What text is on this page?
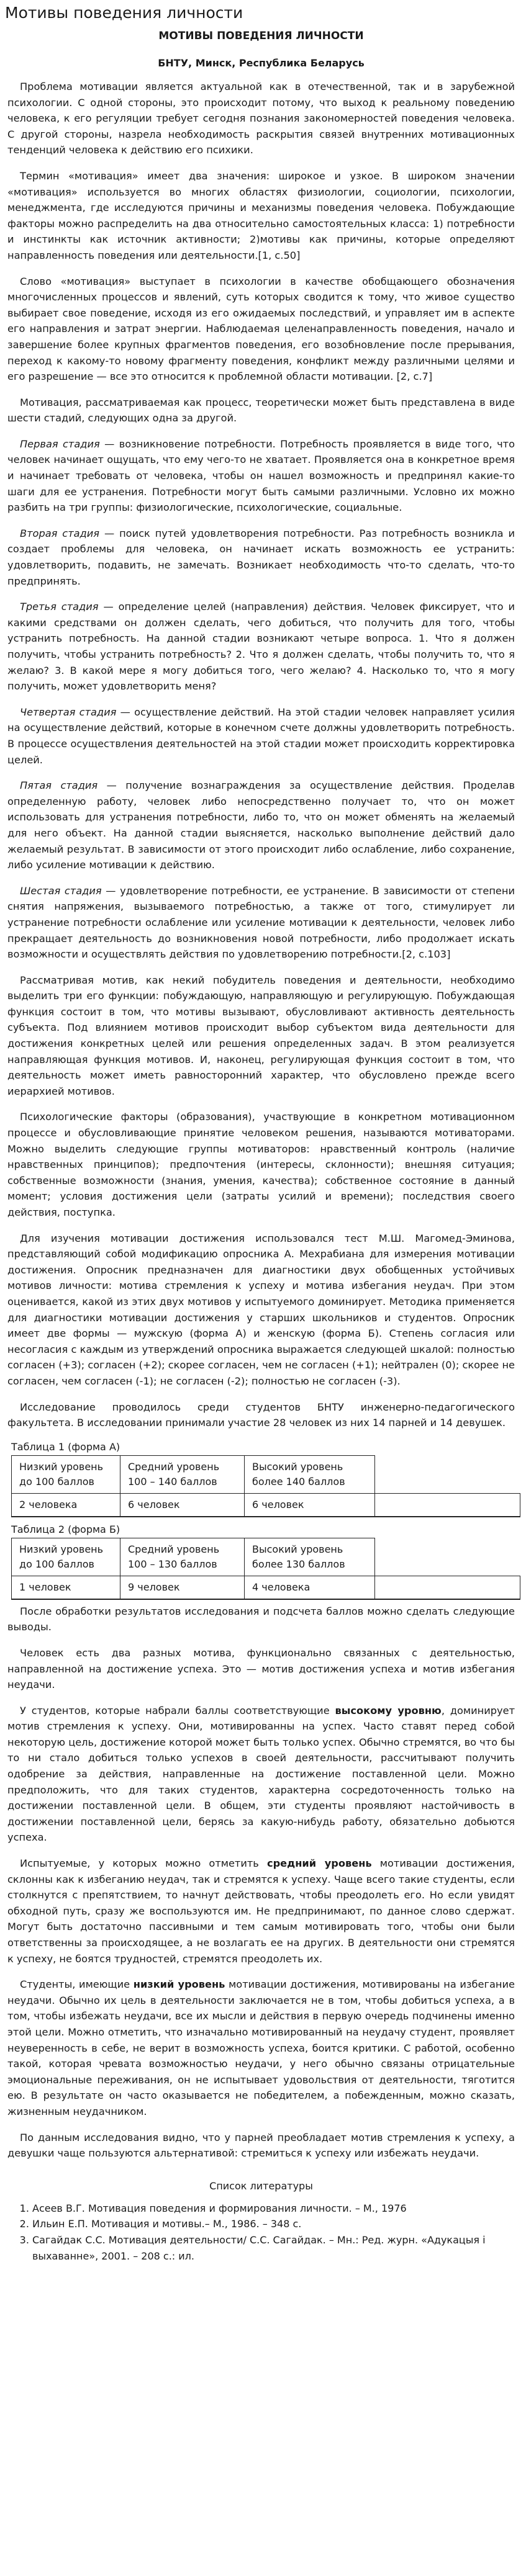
Мотивы поведения личности
МОТИВЫ ПОВЕДЕНИЯ ЛИЧНОСТИ
БНТУ, Минск, Республика Беларусь

Проблема мотивации является актуальной как в отечественной, так и в зарубежной психологии. С одной стороны, это происходит потому, что выход к реальному поведению человека, к его регуляции требует сегодня познания закономерностей поведения человека. С другой стороны, назрела необходимость раскрытия связей внутренних мотивационных тенденций человека к действию его психики.

Термин «мотивация» имеет два значения: широкое и узкое. В широком значении «мотивация» используется во многих областях физиологии, социологии, психологии, менеджмента, где исследуются причины и механизмы поведения человека. Побуждающие факторы можно распределить на два относительно самостоятельных класса: 1) потребности и инстинкты как источник активности; 2)мотивы как причины, которые определяют направленность поведения или деятельности.[1, c.50]

Слово «мотивация» выступает в психологии в качестве обобщающего обозначения многочисленных процессов и явлений, суть которых сводится к тому, что живое существо выбирает свое поведение, исходя из его ожидаемых последствий, и управляет им в аспекте его направления и затрат энергии. Наблюдаемая целенаправленность поведения, начало и завершение более крупных фрагментов поведения, его возобновление после прерывания, переход к какому-то новому фрагменту поведения, конфликт между различными целями и его разрешение — все это относится к проблемной области мотивации. [2, c.7]

Мотивация, рассматриваемая как процесс, теоретически может быть представлена в виде шести стадий, следующих одна за другой.

Первая стадия — возникновение потребности. Потребность проявляется в виде того, что человек начинает ощущать, что ему чего-то не хватает. Проявляется она в конкретное время и начинает требовать от человека, чтобы он нашел возможность и предпринял какие-то шаги для ее устранения. Потребности могут быть самыми различными. Условно их можно разбить на три группы: физиологические, психологические, социальные.

Вторая стадия — поиск путей удовлетворения потребности. Раз потребность возникла и создает проблемы для человека, он начинает искать возможность ее устранить: удовлетворить, подавить, не замечать. Возникает необходимость что-то сделать, что-то предпринять.

Третья стадия — определение целей (направления) действия. Человек фиксирует, что и какими средствами он должен сделать, чего добиться, что получить для того, чтобы устранить потребность. На данной стадии возникают четыре вопроса. 1. Что я должен получить, чтобы устранить потребность? 2. Что я должен сделать, чтобы получить то, что я желаю? 3. В какой мере я могу добиться того, чего желаю? 4. Насколько то, что я могу получить, может удовлетворить меня?

Четвертая стадия — осуществление действий. На этой стадии человек направляет усилия на осуществление действий, которые в конечном счете должны удовлетворить потребность. В процессе осуществления деятельностей на этой стадии может происходить корректировка целей.

Пятая стадия — получение вознаграждения за осуществление действия. Проделав определенную работу, человек либо непосредственно получает то, что он может использовать для устранения потребности, либо то, что он может обменять на желаемый для него объект. На данной стадии выясняется, насколько выполнение действий дало желаемый результат. В зависимости от этого происходит либо ослабление, либо сохранение, либо усиление мотивации к действию.

Шестая стадия — удовлетворение потребности, ее устранение. В зависимости от степени снятия напряжения, вызываемого потребностью, а также от того, стимулирует ли устранение потребности ослабление или усиление мотивации к деятельности, человек либо прекращает деятельность до возникновения новой потребности, либо продолжает искать возможности и осуществлять действия по удовлетворению потребности.[2, c.103]

Рассматривая мотив, как некий побудитель поведения и деятельности, необходимо выделить три его функции: побуждающую, направляющую и регулирующую. Побуждающая функция состоит в том, что мотивы вызывают, обусловливают активность деятельность субъекта. Под влиянием мотивов происходит выбор субъектом вида деятельности для достижения конкретных целей или решения определенных задач. В этом реализуется направляющая функция мотивов. И, наконец, регулирующая функция состоит в том, что деятельность может иметь равносторонний характер, что обусловлено прежде всего иерархией мотивов.

Психологические факторы (образования), участвующие в конкретном мотивационном процессе и обусловливающие принятие человеком решения, называются мотиваторами. Можно выделить следующие группы мотиваторов: нравственный контроль (наличие нравственных принципов); предпочтения (интересы, склонности); внешняя ситуация; собственные возможности (знания, умения, качества); собственное состояние в данный момент; условия достижения цели (затраты усилий и времени); последствия своего действия, поступка.

Для изучения мотивации достижения использовался тест М.Ш. Магомед-Эминова, представляющий собой модификацию опросника А. Мехрабиана для измерения мотивации достижения. Опросник предназначен для диагностики двух обобщенных устойчивых мотивов личности: мотива стремления к успеху и мотива избегания неудач. При этом оценивается, какой из этих двух мотивов у испытуемого доминирует. Методика применяется для диагностики мотивации достижения у старших школьников и студентов. Опросник имеет две формы — мужскую (форма А) и женскую (форма Б). Степень согласия или несогласия с каждым из утверждений опросника выражается следующей шкалой: полностью согласен (+3); согласен (+2); скорее согласен, чем не согласен (+1); нейтрален (0); скорее не согласен, чем согласен (-1); не согласен (-2); полностью не согласен (-3).

Исследование проводилось среди студентов БНТУ инженерно-педагогического факультета. В исследовании принимали участие 28 человек из них 14 парней и 14 девушек.

Таблица 1 (форма А)
Низкий уровень до 100 баллов	Средний уровень 100 – 140 баллов	Высокий уровень более 140 баллов	
2 человека	6 человек	6 человек	
Таблица 2 (форма Б)
Низкий уровень до 100 баллов	Средний уровень 100 – 130 баллов	Высокий уровень более 130 баллов	
1 человек	9 человек	4 человека	

После обработки результатов исследования и подсчета баллов можно сделать следующие выводы.

Человек есть два разных мотива, функционально связанных с деятельностью, направленной на достижение успеха. Это — мотив достижения успеха и мотив избегания неудачи.

У студентов, которые набрали баллы соответствующие высокому уровню, доминирует мотив стремления к успеху. Они, мотивированны на успех. Часто ставят перед собой некоторую цель, достижение которой может быть только успех. Обычно стремятся, во что бы то ни стало добиться только успехов в своей деятельности, рассчитывают получить одобрение за действия, направленные на достижение поставленной цели. Можно предположить, что для таких студентов, характерна сосредоточенность только на достижении поставленной цели. В общем, эти студенты проявляют настойчивость в достижении поставленной цели, берясь за какую-нибудь работу, обязательно добьются успеха.

Испытуемые, у которых можно отметить средний уровень мотивации достижения, склонны как к избеганию неудач, так и стремятся к успеху. Чаще всего такие студенты, если столкнутся с препятствием, то начнут действовать, чтобы преодолеть его. Но если увидят обходной путь, сразу же воспользуются им. Не предпринимают, по данное слово сдержат. Могут быть достаточно пассивными и тем самым мотивировать того, чтобы они были ответственны за происходящее, а не возлагать ее на других. В деятельности они стремятся к успеху, не боятся трудностей, стремятся преодолеть их.

Студенты, имеющие низкий уровень мотивации достижения, мотивированы на избегание неудачи. Обычно их цель в деятельности заключается не в том, чтобы добиться успеха, а в том, чтобы избежать неудачи, все их мысли и действия в первую очередь подчинены именно этой цели. Можно отметить, что изначально мотивированный на неудачу студент, проявляет неуверенность в себе, не верит в возможность успеха, боится критики. С работой, особенно такой, которая чревата возможностью неудачи, у него обычно связаны отрицательные эмоциональные переживания, он не испытывает удовольствия от деятельности, тяготится ею. В результате он часто оказывается не победителем, а побежденным, можно сказать, жизненным неудачником.

По данным исследования видно, что у парней преобладает мотив стремления к успеху, а девушки чаще пользуются альтернативой: стремиться к успеху или избежать неудачи.

Список литературы
1. Асеев В.Г. Мотивация поведения и формирования личности. – М., 1976
2. Ильин Е.П. Мотивация и мотивы.– М., 1986. – 348 с.
3. Сагайдак С.С. Мотивация деятельности/ С.С. Сагайдак. – Мн.: Ред. журн. «Адукацыя і выхаванне», 2001. – 208 с.: ил.
